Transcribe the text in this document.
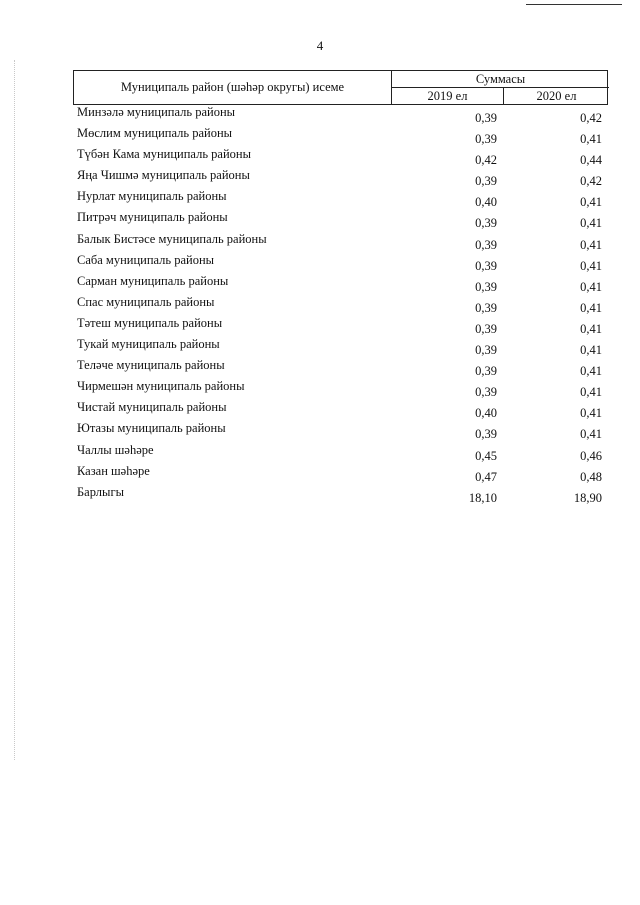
4
Муниципаль район (шәһәр округы) исеме
Суммасы
2019 ел	2020 ел
Минзәлә муниципаль районы	0,39	0,42
Мөслим муниципаль районы	0,39	0,41
Түбән Кама муниципаль районы	0,42	0,44
Яңа Чишмә муниципаль районы	0,39	0,42
Нурлат муниципаль районы	0,40	0,41
Питрәч муниципаль районы	0,39	0,41
Балык Бистәсе муниципаль районы	0,39	0,41
Саба муниципаль районы	0,39	0,41
Сарман муниципаль районы	0,39	0,41
Спас муниципаль районы	0,39	0,41
Тәтеш муниципаль районы	0,39	0,41
Тукай муниципаль районы	0,39	0,41
Теләче муниципаль районы	0,39	0,41
Чирмешән муниципаль районы	0,39	0,41
Чистай муниципаль районы	0,40	0,41
Ютазы муниципаль районы	0,39	0,41
Чаллы шәһәре	0,45	0,46
Казан шәһәре	0,47	0,48
Барлыгы	18,10	18,90
